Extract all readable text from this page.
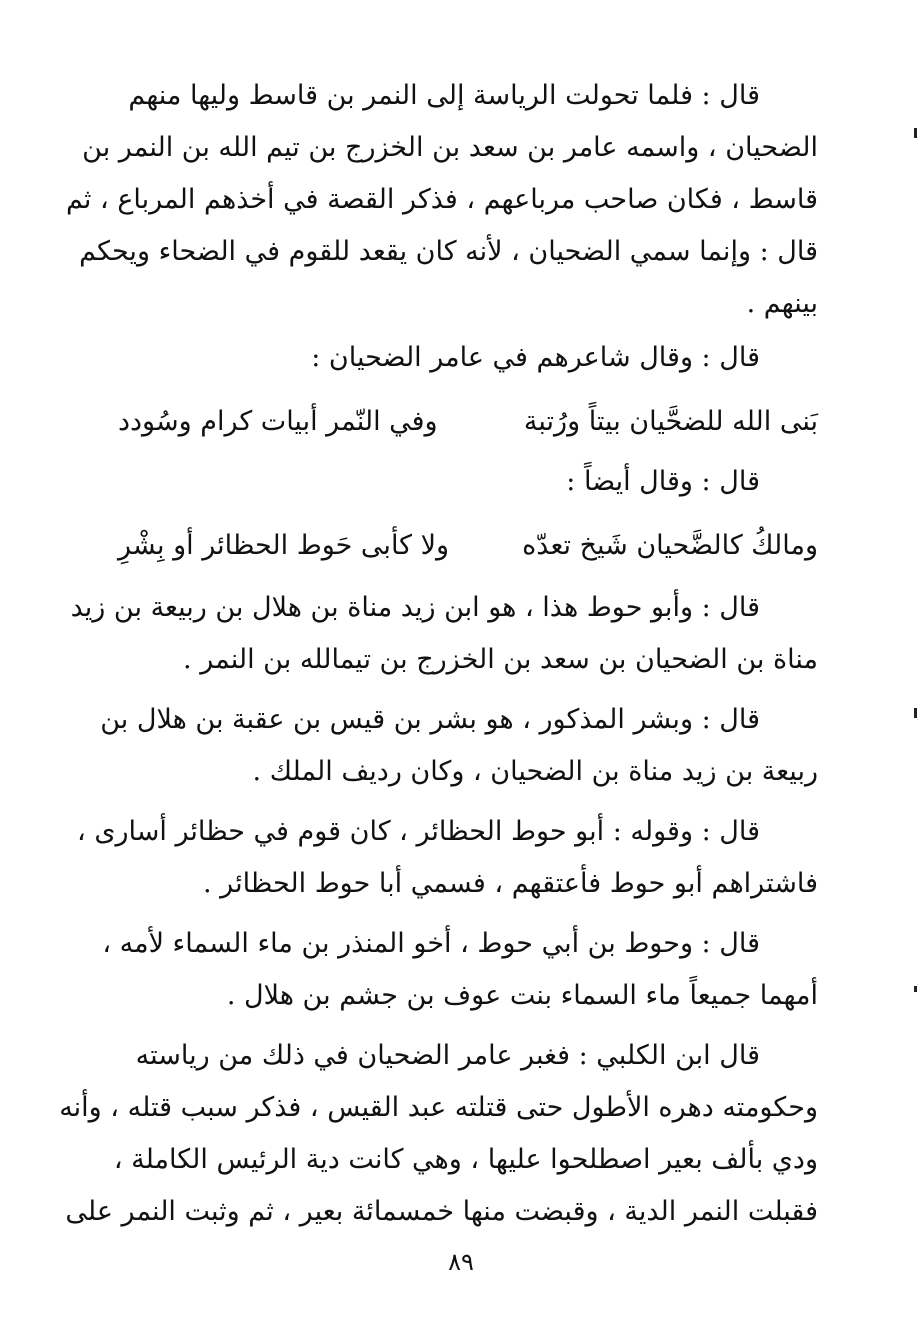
قال : فلما تحولت الرياسة إلى النمر بن قاسط وليها منهم
الضحيان ، واسمه عامر بن سعد بن الخزرج بن تيم الله بن النمر بن
قاسط ، فكان صاحب مرباعهم ، فذكر القصة في أخذهم المرباع ، ثم
قال : وإنما سمي الضحيان ، لأنه كان يقعد للقوم في الضحاء ويحكم
بينهم .
قال : وقال شاعرهم في عامر الضحيان :
بَنى الله للضحَّيان بيتاً ورُتبة
وفي النّمر أبيات كرام وسُودد
قال : وقال أيضاً :
ومالكُ كالضَّحيان شَيخ تعدّه
ولا كأبى حَوط الحظائر أو بِشْرِ
قال : وأبو حوط هذا ، هو ابن زيد مناة بن هلال بن ربيعة بن زيد
مناة بن الضحيان بن سعد بن الخزرج بن تيمالله بن النمر .
قال : وبشر المذكور ، هو بشر بن قيس بن عقبة بن هلال بن
ربيعة بن زيد مناة بن الضحيان ، وكان رديف الملك .
قال : وقوله : أبو حوط الحظائر ، كان قوم في حظائر أسارى ،
فاشتراهم أبو حوط فأعتقهم ، فسمي أبا حوط الحظائر .
قال : وحوط بن أبي حوط ، أخو المنذر بن ماء السماء لأمه ،
أمهما جميعاً ماء السماء بنت عوف بن جشم بن هلال .
قال ابن الكلبي : فغبر عامر الضحيان في ذلك من رياسته
وحكومته دهره الأطول حتى قتلته عبد القيس ، فذكر سبب قتله ، وأنه
ودي بألف بعير اصطلحوا عليها ، وهي كانت دية الرئيس الكاملة ،
فقبلت النمر الدية ، وقبضت منها خمسمائة بعير ، ثم وثبت النمر على
٨٩
